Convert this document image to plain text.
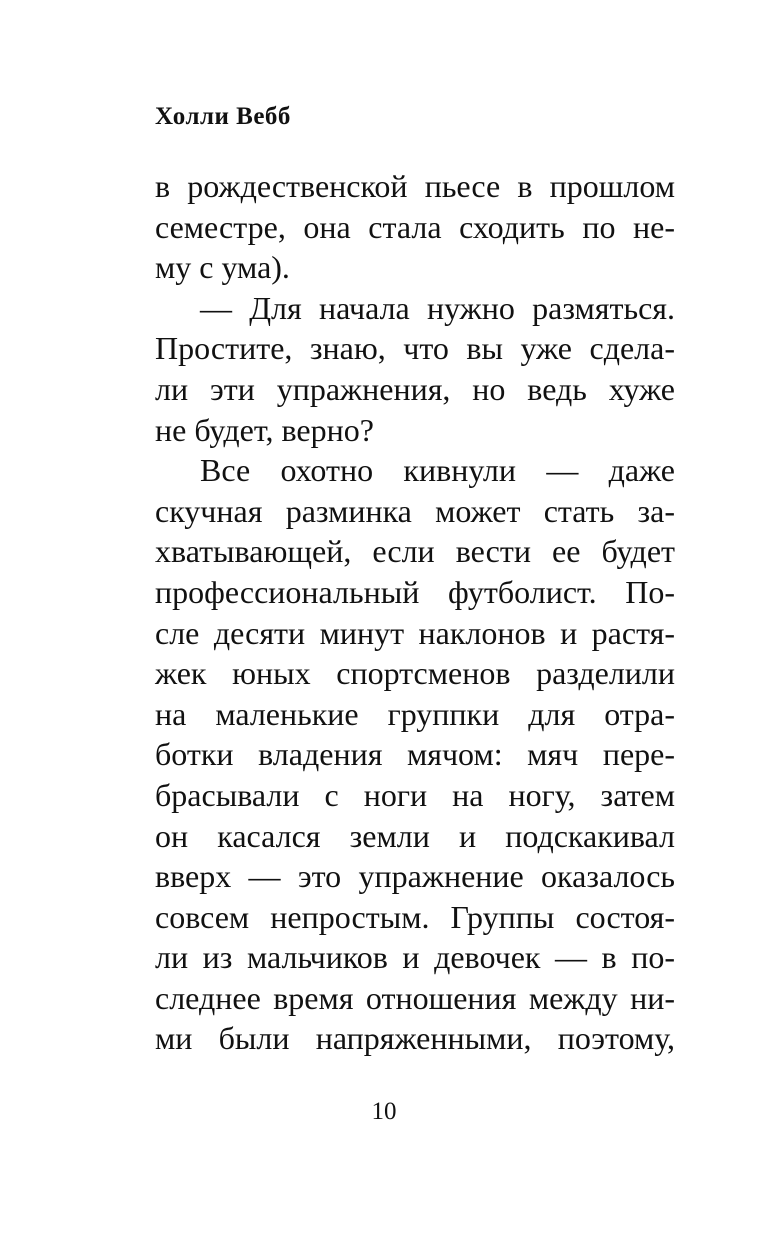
Холли Вебб
в рождественской пьесе в прошлом
семестре, она стала сходить по не-
му с ума).
— Для начала нужно размяться.
Простите, знаю, что вы уже сдела-
ли эти упражнения, но ведь хуже
не будет, верно?
Все охотно кивнули — даже
скучная разминка может стать за-
хватывающей, если вести ее будет
профессиональный футболист. По-
сле десяти минут наклонов и растя-
жек юных спортсменов разделили
на маленькие группки для отра-
ботки владения мячом: мяч пере-
брасывали с ноги на ногу, затем
он касался земли и подскакивал
вверх — это упражнение оказалось
совсем непростым. Группы состоя-
ли из мальчиков и девочек — в по-
следнее время отношения между ни-
ми были напряженными, поэтому,
10
